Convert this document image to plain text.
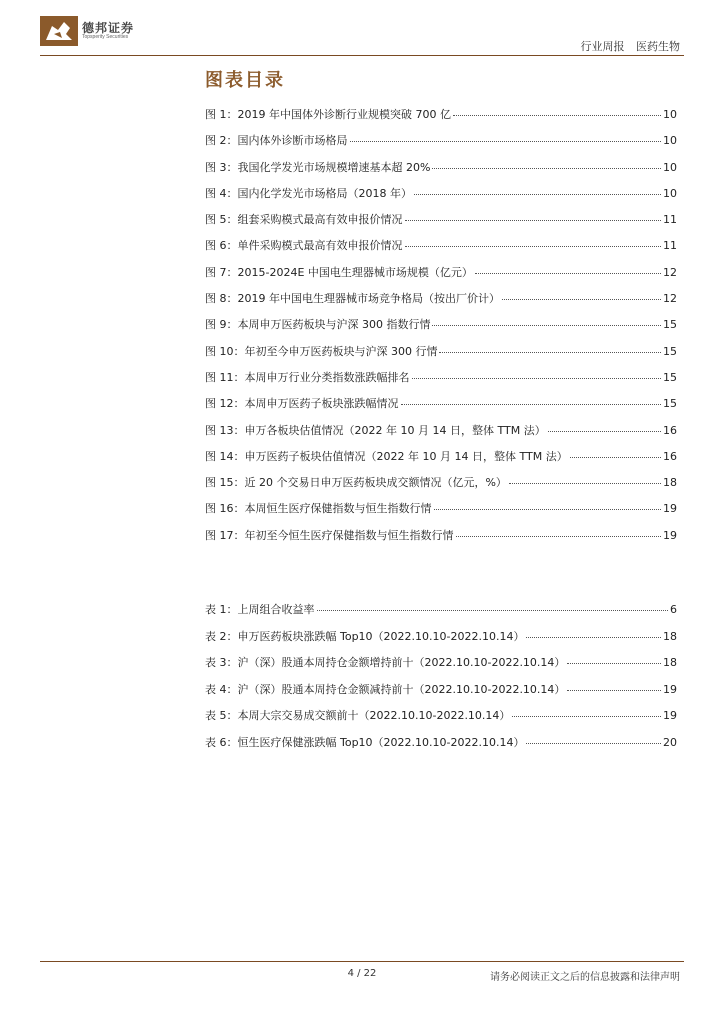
德邦证券
Topsperity Securities
行业周报 医药生物
图表目录
图 1：2019 年中国体外诊断行业规模突破 700 亿	10
图 2：国内体外诊断市场格局	10
图 3：我国化学发光市场规模增速基本超 20%	10
图 4：国内化学发光市场格局（2018 年）	10
图 5：组套采购模式最高有效申报价情况	11
图 6：单件采购模式最高有效申报价情况	11
图 7：2015-2024E 中国电生理器械市场规模（亿元）	12
图 8：2019 年中国电生理器械市场竞争格局（按出厂价计）	12
图 9：本周申万医药板块与沪深 300 指数行情	15
图 10：年初至今申万医药板块与沪深 300 行情	15
图 11：本周申万行业分类指数涨跌幅排名	15
图 12：本周申万医药子板块涨跌幅情况	15
图 13：申万各板块估值情况（2022 年 10 月 14 日，整体 TTM 法）	16
图 14：申万医药子板块估值情况（2022 年 10 月 14 日，整体 TTM 法）	16
图 15：近 20 个交易日申万医药板块成交额情况（亿元，%）	18
图 16：本周恒生医疗保健指数与恒生指数行情	19
图 17：年初至今恒生医疗保健指数与恒生指数行情	19
表 1：上周组合收益率	6
表 2：申万医药板块涨跌幅 Top10（2022.10.10-2022.10.14）	18
表 3：沪（深）股通本周持仓金额增持前十（2022.10.10-2022.10.14）	18
表 4：沪（深）股通本周持仓金额减持前十（2022.10.10-2022.10.14）	19
表 5：本周大宗交易成交额前十（2022.10.10-2022.10.14）	19
表 6：恒生医疗保健涨跌幅 Top10（2022.10.10-2022.10.14）	20
4 / 22	请务必阅读正文之后的信息披露和法律声明
